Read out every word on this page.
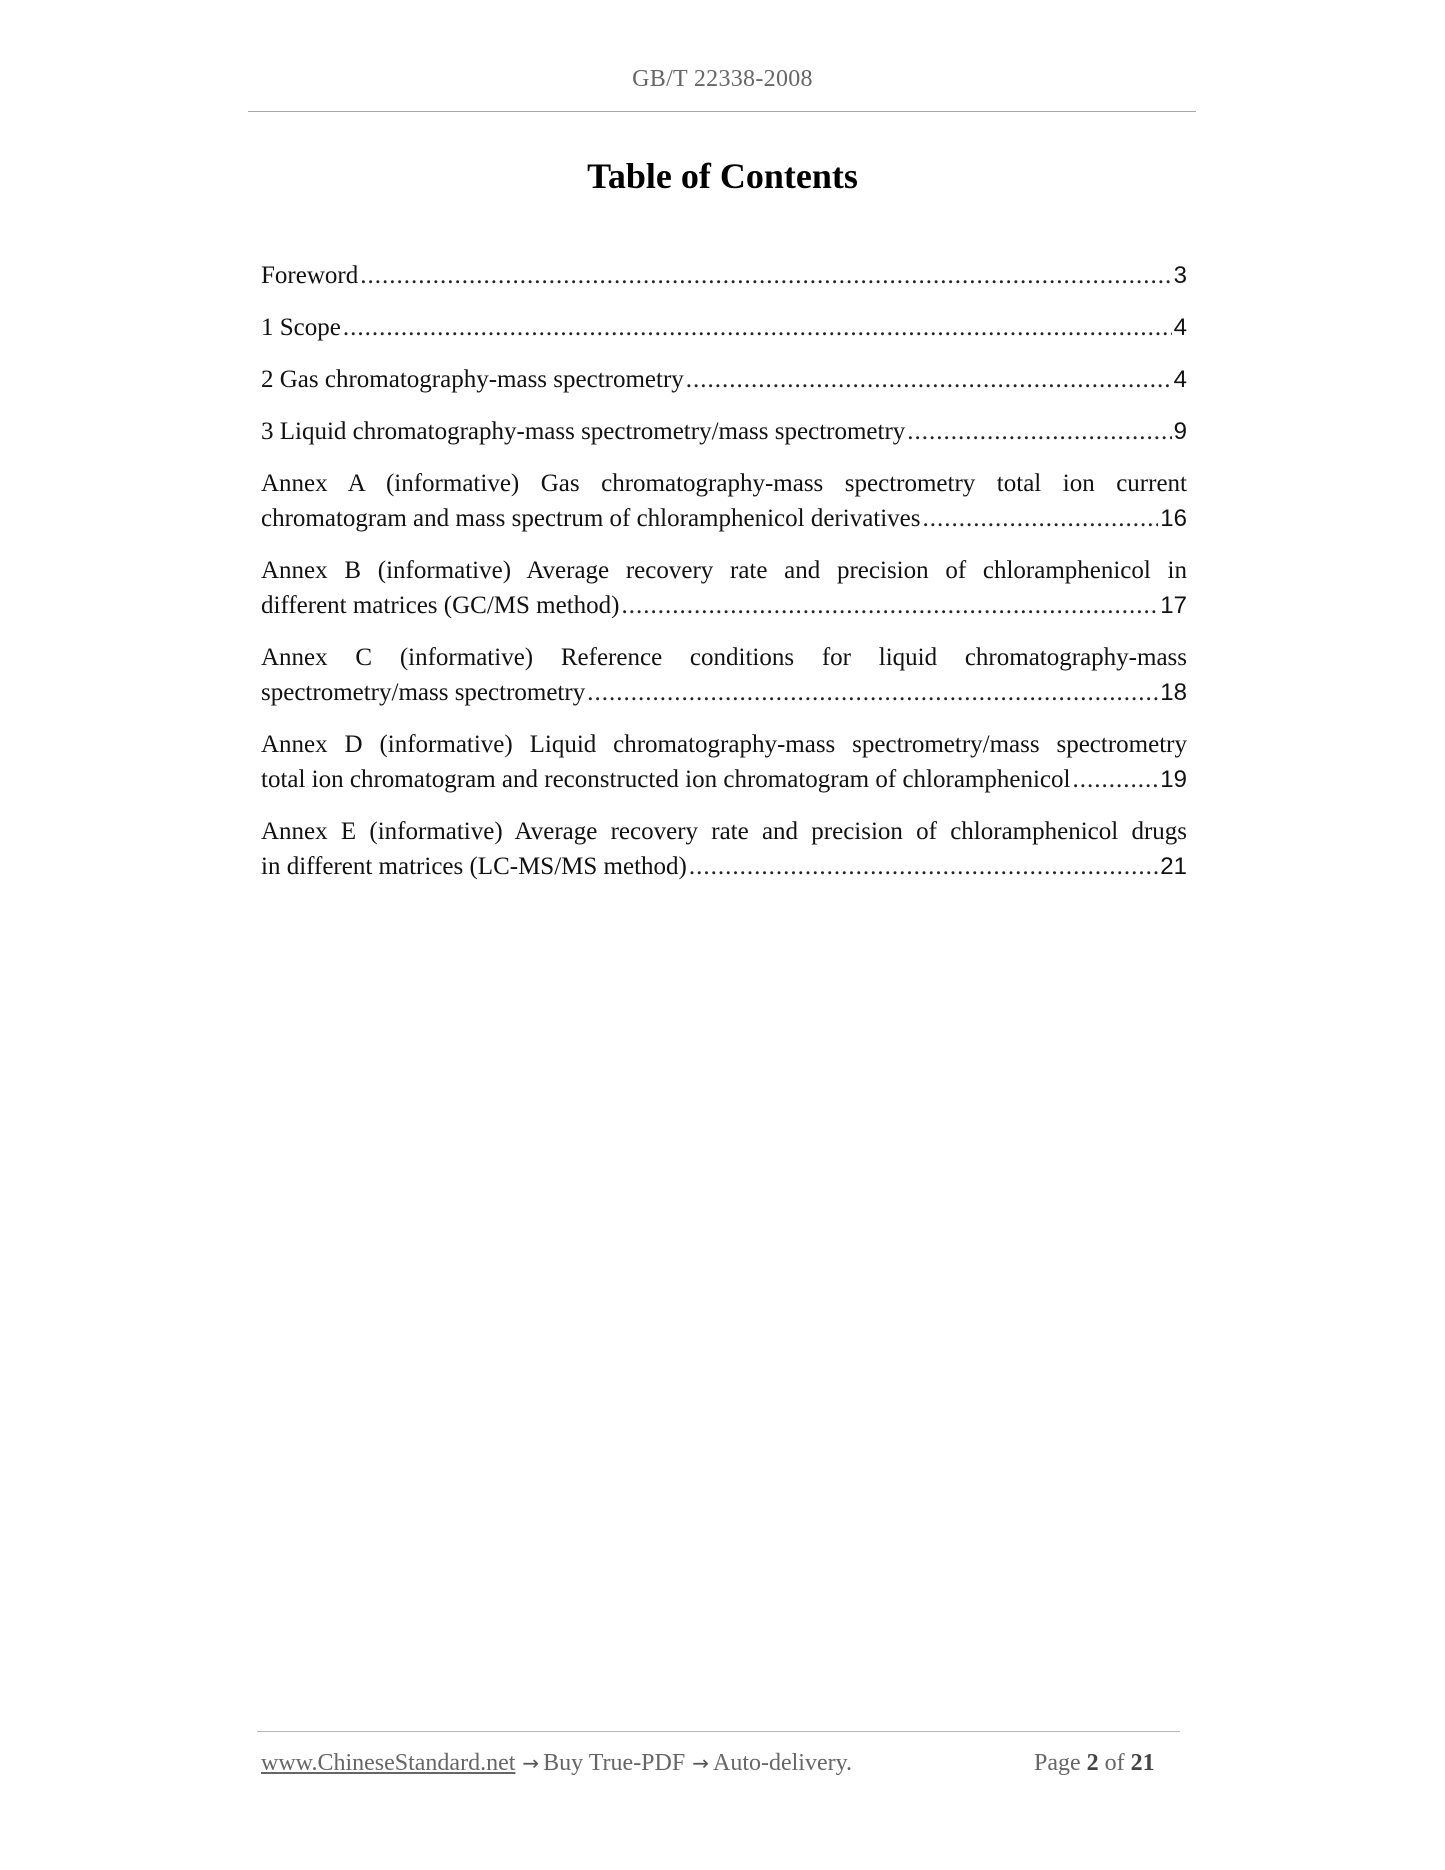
GB/T 22338-2008
Table of Contents
Foreword .....	3
1 Scope .....	4
2 Gas chromatography-mass spectrometry .....	4
3 Liquid chromatography-mass spectrometry/mass spectrometry .....	9
Annex A (informative) Gas chromatography-mass spectrometry total ion current
chromatogram and mass spectrum of chloramphenicol derivatives .....	16
Annex B (informative) Average recovery rate and precision of chloramphenicol in
different matrices (GC/MS method) .....	17
Annex C (informative) Reference conditions for liquid chromatography-mass
spectrometry/mass spectrometry .....	18
Annex D (informative) Liquid chromatography-mass spectrometry/mass spectrometry
total ion chromatogram and reconstructed ion chromatogram of chloramphenicol .....	19
Annex E (informative) Average recovery rate and precision of chloramphenicol drugs
in different matrices (LC-MS/MS method) .....	21
www.ChineseStandard.net → Buy True-PDF → Auto-delivery.	Page 2 of 21
